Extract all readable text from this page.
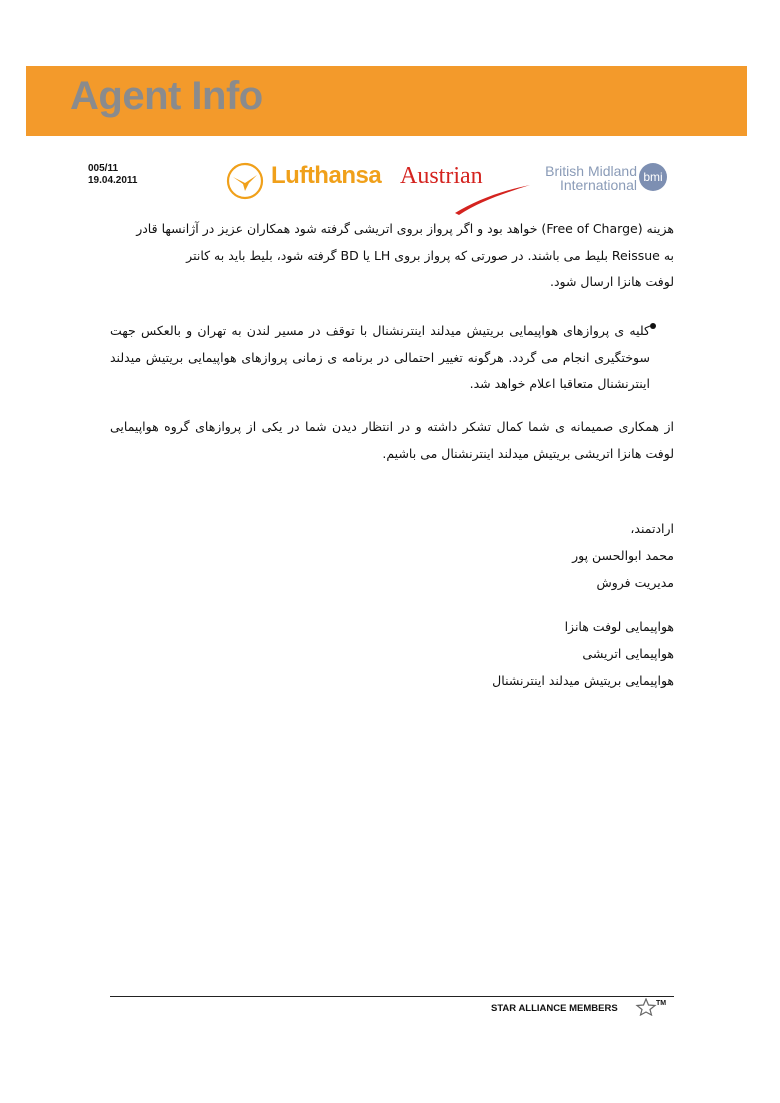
Agent Info
005/11
19.04.2011	Lufthansa Austrian	British Midland
International bmi
هزینه (Free of Charge) خواهد بود و اگر پرواز بروی اتریشی گرفته شود همکاران عزیز در آژانسها قادر
به Reissue بلیط می باشند. در صورتی که پرواز بروی LH یا BD گرفته شود، بلیط باید به کانتر
لوفت هانزا ارسال شود.
کلیه ی پروازهای هواپیمایی بریتیش میدلند اینترنشنال با توقف در مسیر لندن به تهران و بالعکس جهت سوختگیری انجام می گردد. هرگونه تغییر احتمالی در برنامه ی زمانی پروازهای هواپیمایی بریتیش میدلند اینترنشنال متعاقبا اعلام خواهد شد.
از همکاری صمیمانه ی شما کمال تشکر داشته و در انتظار دیدن شما در یکی از پروازهای گروه هواپیمایی لوفت هانزا اتریشی بریتیش میدلند اینترنشنال می باشیم.
ارادتمند،
محمد ابوالحسن پور
مدیریت فروش
هواپیمایی لوفت هانزا
هواپیمایی اتریشی
هواپیمایی بریتیش میدلند اینترنشنال
STAR ALLIANCE MEMBERS	TM
